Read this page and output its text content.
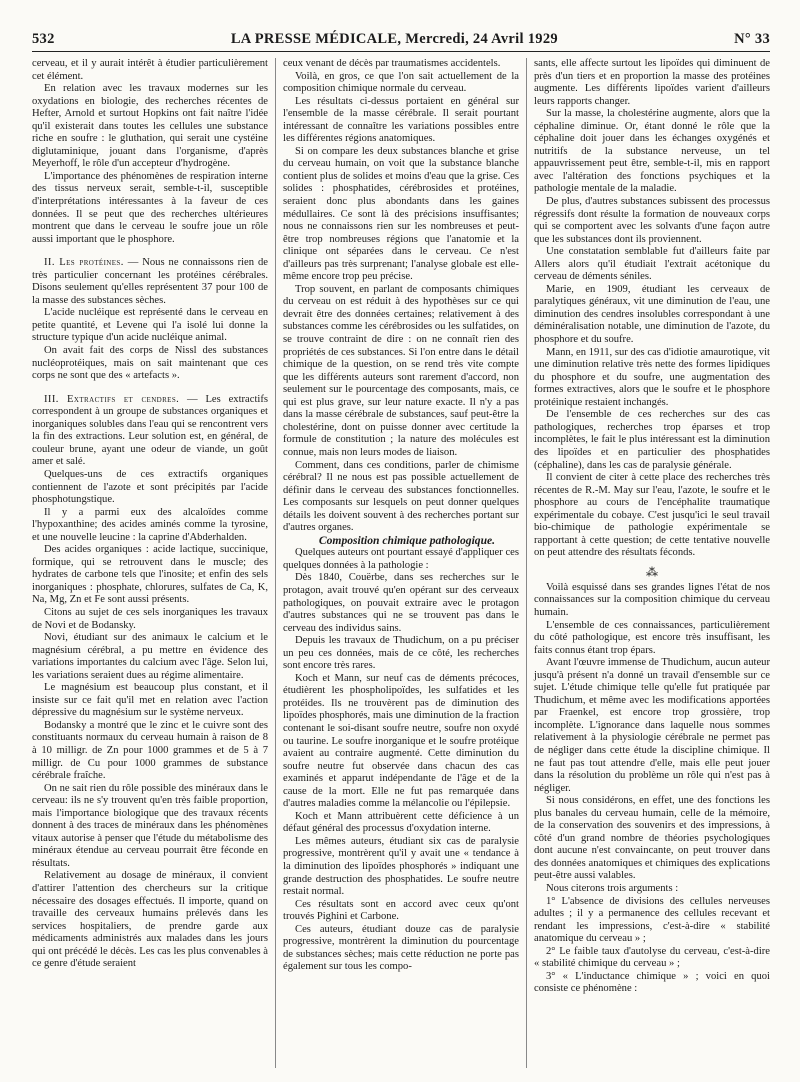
532	LA PRESSE MÉDICALE, Mercredi, 24 Avril 1929	N° 33

cerveau, et il y aurait intérêt à étudier particulièrement cet élément.

En relation avec les travaux modernes sur les oxydations en biologie, des recherches récentes de Hefter, Arnold et surtout Hopkins ont fait naître l'idée qu'il existerait dans toutes les cellules une substance riche en soufre : le gluthation, qui serait une cystéine diglutaminique, jouant dans l'organisme, d'après Meyerhoff, le rôle d'un accepteur d'hydrogène.

L'importance des phénomènes de respiration interne des tissus nerveux serait, semble-t-il, susceptible d'interprétations intéressantes à la faveur de ces données. Il se peut que des recherches ultérieures montrent que dans le cerveau le soufre joue un rôle aussi important que le phosphore.

II. Les protéines. — Nous ne connaissons rien de très particulier concernant les protéines cérébrales. Disons seulement qu'elles représentent 37 pour 100 de la masse des substances sèches.

L'acide nucléique est représenté dans le cerveau en petite quantité, et Levene qui l'a isolé lui donne la structure typique d'un acide nucléique animal.

On avait fait des corps de Nissl des substances nucléoprotéiques, mais on sait maintenant que ces corps ne sont que des « artefacts ».

III. Extractifs et cendres. — Les extractifs correspondent à un groupe de substances organiques et inorganiques solubles dans l'eau qui se rencontrent vers la fin des extractions. Leur solution est, en général, de couleur brune, ayant une odeur de viande, un goût amer et salé.

Quelques-uns de ces extractifs organiques contiennent de l'azote et sont précipités par l'acide phosphotungstique.

Il y a parmi eux des alcaloïdes comme l'hypoxanthine; des acides aminés comme la tyrosine, et une nouvelle leucine : la caprine d'Abderhalden.

Des acides organiques : acide lactique, succinique, formique, qui se retrouvent dans le muscle; des hydrates de carbone tels que l'inosite; et enfin des sels inorganiques : phosphate, chlorures, sulfates de Ca, K, Na, Mg, Zn et Fe sont aussi présents.

Citons au sujet de ces sels inorganiques les travaux de Novi et de Bodansky.

Novi, étudiant sur des animaux le calcium et le magnésium cérébral, a pu mettre en évidence des variations importantes du calcium avec l'âge. Selon lui, les variations seraient dues au régime alimentaire.

Le magnésium est beaucoup plus constant, et il insiste sur ce fait qu'il met en relation avec l'action dépressive du magnésium sur le système nerveux.

Bodansky a montré que le zinc et le cuivre sont des constituants normaux du cerveau humain à raison de 8 à 10 milligr. de Zn pour 1000 grammes et de 5 à 7 milligr. de Cu pour 1000 grammes de substance cérébrale fraîche.

On ne sait rien du rôle possible des minéraux dans le cerveau: ils ne s'y trouvent qu'en très faible proportion, mais l'importance biologique que des travaux récents donnent à des traces de minéraux dans les phénomènes vitaux autorise à penser que l'étude du métabolisme des minéraux étendue au cerveau pourrait être féconde en résultats.

Relativement au dosage de minéraux, il convient d'attirer l'attention des chercheurs sur la critique nécessaire des dosages effectués. Il importe, quand on travaille des cerveaux humains prélevés dans les services hospitaliers, de prendre garde aux médicaments administrés aux malades dans les jours qui ont précédé le décès. Les cas les plus convenables à ce genre d'étude seraient

ceux venant de décès par traumatismes accidentels.

Voilà, en gros, ce que l'on sait actuellement de la composition chimique normale du cerveau.

Les résultats ci-dessus portaient en général sur l'ensemble de la masse cérébrale. Il serait pourtant intéressant de connaître les variations possibles entre les différentes régions anatomiques.

Si on compare les deux substances blanche et grise du cerveau humain, on voit que la substance blanche contient plus de solides et moins d'eau que la grise. Ces solides : phosphatides, cérébrosides et protéines, seraient donc plus abondants dans les gaines médullaires. Ce sont là des précisions insuffisantes; nous ne connaissons rien sur les nombreuses et peut-être trop nombreuses régions que l'anatomie et la clinique ont séparées dans le cerveau. Ce n'est d'ailleurs pas très surprenant; l'analyse globale est elle-même encore trop peu précise.

Trop souvent, en parlant de composants chimiques du cerveau on est réduit à des hypothèses sur ce qui devrait être des données certaines; relativement à des substances comme les cérébrosides ou les sulfatides, on se trouve contraint de dire : on ne connaît rien des propriétés de ces substances. Si l'on entre dans le détail chimique de la question, on se rend très vite compte que les différents auteurs sont rarement d'accord, non seulement sur le pourcentage des composants, mais, ce qui est plus grave, sur leur nature exacte. Il n'y a pas dans la masse cérébrale de substances, sauf peut-être la cholestérine, dont on puisse donner avec certitude la formule de constitution ; la nature des molécules est connue, mais non leurs modes de liaison.

Comment, dans ces conditions, parler de chimisme cérébral? Il ne nous est pas possible actuellement de définir dans le cerveau des substances fonctionnelles. Les composants sur lesquels on peut donner quelques détails les doivent souvent à des recherches portant sur d'autres organes.

Composition chimique pathologique.

Quelques auteurs ont pourtant essayé d'appliquer ces quelques données à la pathologie :

Dès 1840, Couërbe, dans ses recherches sur le protagon, avait trouvé qu'en opérant sur des cerveaux pathologiques, on pouvait extraire avec le protagon d'autres substances qui ne se trouvent pas dans le cerveau des individus sains.

Depuis les travaux de Thudichum, on a pu préciser un peu ces données, mais de ce côté, les recherches sont encore très rares.

Koch et Mann, sur neuf cas de déments précoces, étudièrent les phospholipoïdes, les sulfatides et les protéides. Ils ne trouvèrent pas de diminution des lipoïdes phosphorés, mais une diminution de la fraction contenant le soi-disant soufre neutre, soufre non oxydé ou taurine. Le soufre inorganique et le soufre protéique avaient au contraire augmenté. Cette diminution du soufre neutre fut observée dans chacun des cas examinés et apparut indépendante de l'âge et de la cause de la mort. Elle ne fut pas remarquée dans d'autres maladies comme la mélancolie ou l'épilepsie.

Koch et Mann attribuèrent cette déficience à un défaut général des processus d'oxydation interne.

Les mêmes auteurs, étudiant six cas de paralysie progressive, montrèrent qu'il y avait une « tendance à la diminution des lipoïdes phosphorés » indiquant une grande destruction des phosphatides. Le soufre neutre restait normal.

Ces résultats sont en accord avec ceux qu'ont trouvés Pighini et Carbone.

Ces auteurs, étudiant douze cas de paralysie progressive, montrèrent la diminution du pourcentage de substances sèches; mais cette réduction ne porte pas également sur tous les compo-

sants, elle affecte surtout les lipoïdes qui diminuent de près d'un tiers et en proportion la masse des protéines augmente. Les différents lipoïdes varient d'ailleurs leurs rapports changer.

Sur la masse, la cholestérine augmente, alors que la céphaline diminue. Or, étant donné le rôle que la céphaline doit jouer dans les échanges oxygénés et nutritifs de la substance nerveuse, un tel appauvrissement peut être, semble-t-il, mis en rapport avec l'altération des fonctions psychiques et la pathologie mentale de la maladie.

De plus, d'autres substances subissent des processus régressifs dont résulte la formation de nouveaux corps qui se comportent avec les solvants d'une façon autre que les substances dont ils proviennent.

Une constatation semblable fut d'ailleurs faite par Allers alors qu'il étudiait l'extrait acétonique du cerveau de déments séniles.

Marie, en 1909, étudiant les cerveaux de paralytiques généraux, vit une diminution de l'eau, une diminution des cendres insolubles correspondant à une déminéralisation notable, une diminution de l'azote, du phosphore et du soufre.

Mann, en 1911, sur des cas d'idiotie amaurotique, vit une diminution relative très nette des formes lipidiques du phosphore et du soufre, une augmentation des formes extractives, alors que le soufre et le phosphore protéinique restaient inchangés.

De l'ensemble de ces recherches sur des cas pathologiques, recherches trop éparses et trop incomplètes, le fait le plus intéressant est la diminution des lipoïdes et en particulier des phosphatides (céphaline), dans les cas de paralysie générale.

Il convient de citer à cette place des recherches très récentes de R.-M. May sur l'eau, l'azote, le soufre et le phosphore au cours de l'encéphalite traumatique expérimentale du cobaye. C'est jusqu'ici le seul travail bio-chimique de pathologie expérimentale se rapportant à cette question; de cette tentative nouvelle on peut attendre des résultats féconds.

⁂

Voilà esquissé dans ses grandes lignes l'état de nos connaissances sur la composition chimique du cerveau humain.

L'ensemble de ces connaissances, particulièrement du côté pathologique, est encore très insuffisant, les faits connus étant trop épars.

Avant l'œuvre immense de Thudichum, aucun auteur jusqu'à présent n'a donné un travail d'ensemble sur ce sujet. L'étude chimique telle qu'elle fut pratiquée par Thudichum, et même avec les modifications apportées par Fraenkel, est encore trop grossière, trop incomplète. L'ignorance dans laquelle nous sommes relativement à la physiologie cérébrale ne permet pas de négliger dans cette étude la discipline chimique. Il ne faut pas tout attendre d'elle, mais elle peut jouer dans la résolution du problème un rôle qui n'est pas à négliger.

Si nous considérons, en effet, une des fonctions les plus banales du cerveau humain, celle de la mémoire, de la conservation des souvenirs et des impressions, à côté d'un grand nombre de théories psychologiques dont aucune n'est convaincante, on peut trouver dans des données anatomiques et chimiques des explications peut-être aussi valables.

Nous citerons trois arguments :

1° L'absence de divisions des cellules nerveuses adultes ; il y a permanence des cellules recevant et rendant les impressions, c'est-à-dire « stabilité anatomique du cerveau » ;

2° Le faible taux d'autolyse du cerveau, c'est-à-dire « stabilité chimique du cerveau » ;

3° « L'inductance chimique » ; voici en quoi consiste ce phénomène :
